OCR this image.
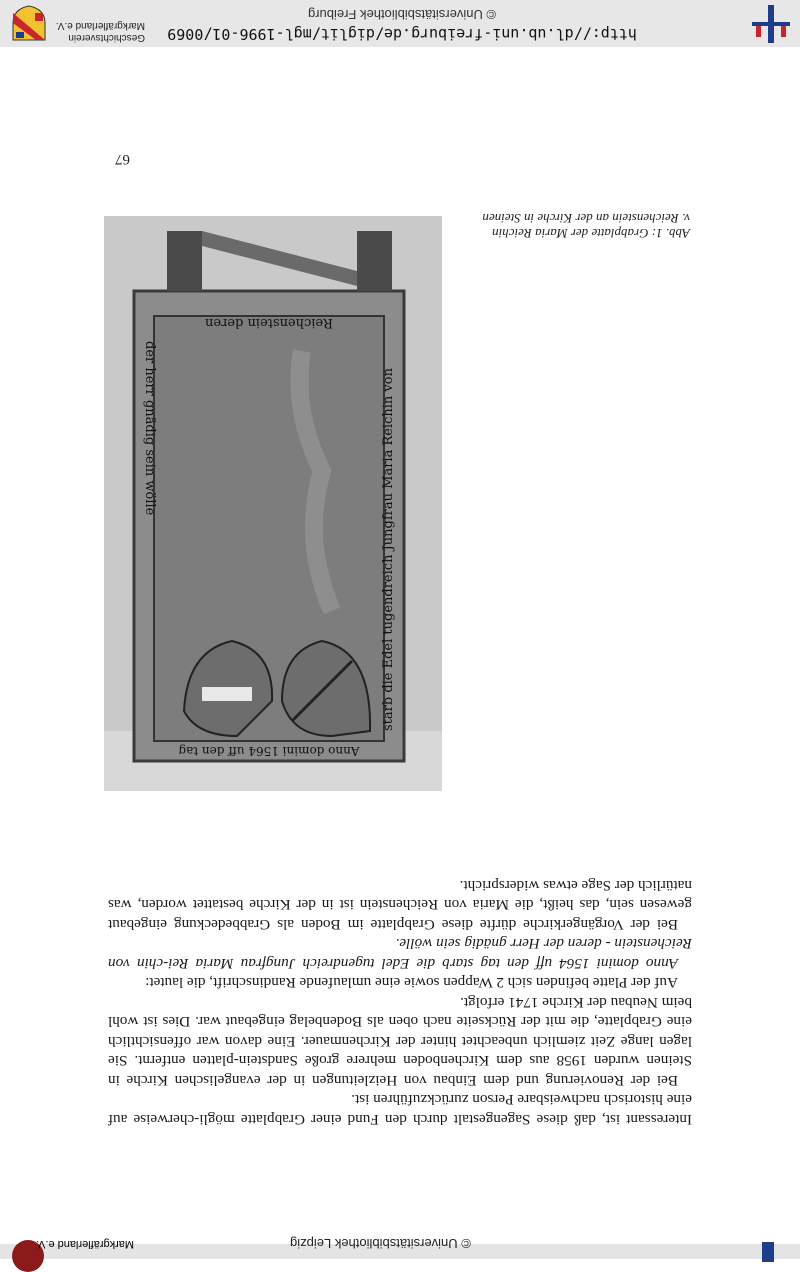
Markgräflerland e.V.	© Universitätsbibliothek Leipzig
http://dl.ub.uni-freiburg.de/diglit/mgl-1996-01/0069
© Universitätsbibliothek Freiburg
Geschichtsverein
Markgräflerland e.V.
67
Reichenstein deren
der herr gnädig sein wölle	starb die Edel tugendreich Jungfrau Maria Reichin von
Anno domini 1564 uff den tag
Abb. 1: Grabplatte der Maria Reichin
v. Reichenstein an der Kirche in Steinen

Interessant ist, daß diese Sagengestalt durch den Fund einer Grabplatte mögli-cherweise auf eine historisch nachweisbare Person zurückzuführen ist.

Bei der Renovierung und dem Einbau von Heizleitungen in der evangelischen Kirche in Steinen wurden 1958 aus dem Kirchenboden mehrere große Sandstein-platten entfernt. Sie lagen lange Zeit ziemlich unbeachtet hinter der Kirchenmauer. Eine davon war offensichtlich eine Grabplatte, die mit der Rückseite nach oben als Bodenbelag eingebaut war. Dies ist wohl beim Neubau der Kirche 1741 erfolgt.

Auf der Platte befinden sich 2 Wappen sowie eine umlaufende Randinschrift, die lautet:

Anno domini 1564 uff den tag starb die Edel tugendreich Jungfrau Maria Rei-chin von Reichenstein - deren der Herr gnädig sein wölle.

Bei der Vorgängerkirche dürfte diese Grabplatte im Boden als Grabbedeckung eingebaut gewesen sein, das heißt, die Maria von Reichenstein ist in der Kirche bestattet worden, was natürlich der Sage etwas widerspricht.
